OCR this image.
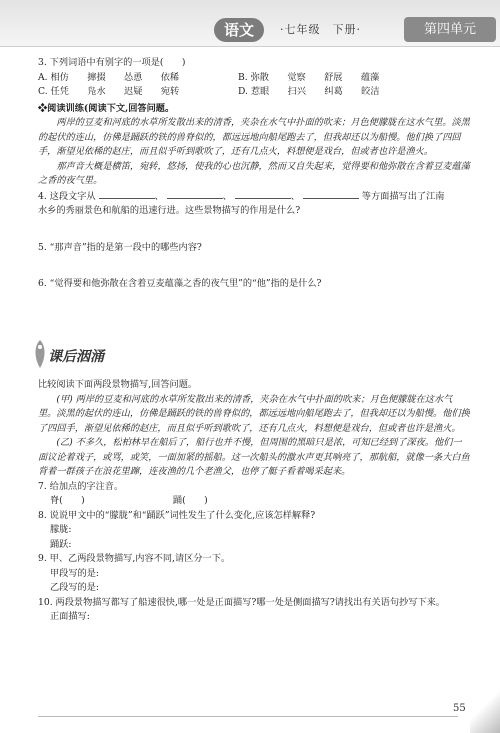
语文	·七年级　下册·	第四单元

3. 下列词语中有别字的一项是(　　)

A. 相仿　　撺掇　　怂恿　　依稀	B. 弥散　　觉察　　舒展　　蕴藻
C. 任凭　　凫水　　迟疑　　宛转	D. 惹眼　　扫兴　　纠葛　　皎洁

❖阅读训练(阅读下文,回答问题。

两岸的豆麦和河底的水草所发散出来的清香，夹杂在水气中扑面的吹来；月色便朦胧在这水气里。淡黑的起伏的连山，仿佛是踊跃的铁的兽脊似的，都远远地向船尾跑去了，但我却还以为船慢。他们换了四回手，渐望见依稀的赵庄，而且似乎听到歌吹了，还有几点火，料想便是戏台，但或者也许是渔火。

那声音大概是横笛，宛转，悠扬，使我的心也沉静，然而又自失起来，觉得要和他弥散在含着豆麦蕴藻之香的夜气里。

4. 这段文字从	、	、	、	等方面描写出了江南

水乡的秀丽景色和航船的迅速行进。这些景物描写的作用是什么?

5. “那声音”指的是第一段中的哪些内容?

6. “觉得要和他弥散在含着豆麦蕴藻之香的夜气里”的“他”指的是什么?

课后洇涌

比较阅读下面两段景物描写,回答问题。

(甲) 两岸的豆麦和河底的水草所发散出来的清香，夹杂在水气中扑面的吹来；月色便朦胧在这水气里。淡黑的起伏的连山，仿佛是踊跃的铁的兽脊似的，都远远地向船尾跑去了，但我却还以为船慢。他们换了四回手，渐望见依稀的赵庄，而且似乎听到歌吹了，还有几点火，料想便是戏台，但或者也许是渔火。

(乙) 不多久，松柏林早在船后了，船行也并不慢，但周围的黑暗只是浓，可知已经到了深夜。他们一面议论着戏子，或骂，或笑，一面加紧的摇船。这一次船头的激水声更其响亮了，那航船，就像一条大白鱼背着一群孩子在浪花里蹿，连夜渔的几个老渔父，也停了艇子看着喝采起来。

7. 给加点的字注音。

脊(　　)	踊(　　)

8. 说说甲文中的“朦胧”和“踊跃”词性发生了什么变化,应该怎样解释?

朦胧:

踊跃:

9. 甲、乙两段景物描写,内容不同,请区分一下。

甲段写的是:

乙段写的是:

10. 两段景物描写都写了船速很快,哪一处是正面描写?哪一处是侧面描写?请找出有关语句抄写下来。

正面描写:

55
